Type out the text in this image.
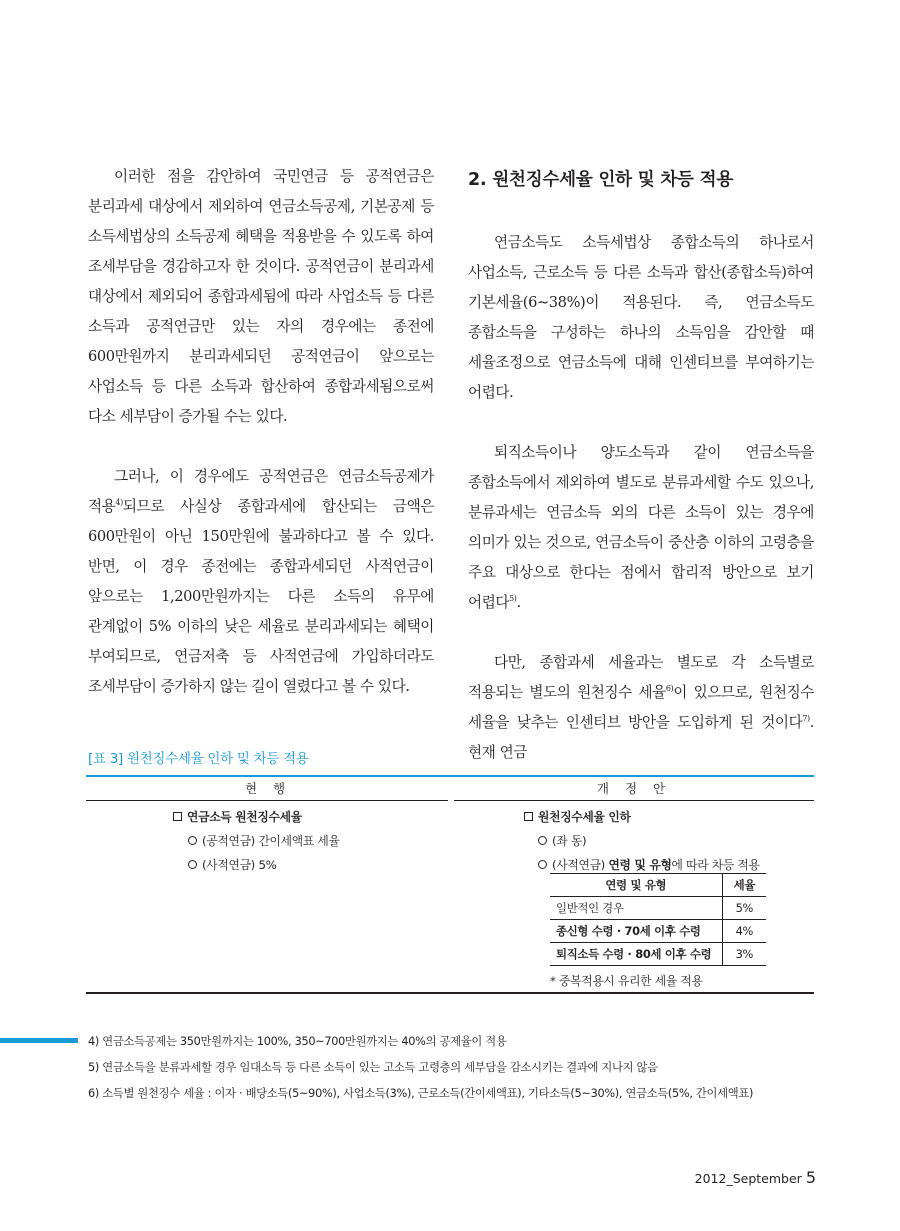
이러한 점을 감안하여 국민연금 등 공적연금은 분리과세 대상에서 제외하여 연금소득공제, 기본공제 등 소득세법상의 소득공제 혜택을 적용받을 수 있도록 하여 조세부담을 경감하고자 한 것이다. 공적연금이 분리과세 대상에서 제외되어 종합과세됨에 따라 사업소득 등 다른 소득과 공적연금만 있는 자의 경우에는 종전에 600만원까지 분리과세되던 공적연금이 앞으로는 사업소득 등 다른 소득과 합산하여 종합과세됨으로써 다소 세부담이 증가될 수는 있다.

그러나, 이 경우에도 공적연금은 연금소득공제가 적용$^{4)}$되므로 사실상 종합과세에 합산되는 금액은 600만원이 아닌 150만원에 불과하다고 볼 수 있다. 반면, 이 경우 종전에는 종합과세되던 사적연금이 앞으로는 1,200만원까지는 다른 소득의 유무에 관계없이 5% 이하의 낮은 세율로 분리과세되는 혜택이 부여되므로, 연금저축 등 사적연금에 가입하더라도 조세부담이 증가하지 않는 길이 열렸다고 볼 수 있다.

2. 원천징수세율 인하 및 차등 적용

연금소득도 소득세법상 종합소득의 하나로서 사업소득, 근로소득 등 다른 소득과 합산(종합소득)하여 기본세율(6~38%)이 적용된다. 즉, 연금소득도 종합소득을 구성하는 하나의 소득임을 감안할 때 세율조정으로 연금소득에 대해 인센티브를 부여하기는 어렵다.

퇴직소득이나 양도소득과 같이 연금소득을 종합소득에서 제외하여 별도로 분류과세할 수도 있으나, 분류과세는 연금소득 외의 다른 소득이 있는 경우에 의미가 있는 것으로, 연금소득이 중산층 이하의 고령층을 주요 대상으로 한다는 점에서 합리적 방안으로 보기 어렵다$^{5)}$.

다만, 종합과세 세율과는 별도로 각 소득별로 적용되는 별도의 원천징수 세율$^{6)}$이 있으므로, 원천징수 세율을 낮추는 인센티브 방안을 도입하게 된 것이다$^{7)}$. 현재 연금

[표 3] 원천징수세율 인하 및 차등 적용
현 행	개 정 안
연금소득 원천징수세율
(공적연금) 간이세액표 세율
(사적연금) 5%
원천징수세율 인하
(좌 동)
(사적연금) 연령 및 유형에 따라 차등 적용
연령 및 유형	세율
일반적인 경우	5%
종신형 수령 · 70세 이후 수령	4%
퇴직소득 수령 · 80세 이후 수령	3%
* 중복적용시 유리한 세율 적용
4) 연금소득공제는 350만원까지는 100%, 350~700만원까지는 40%의 공제율이 적용
5) 연금소득을 분류과세할 경우 임대소득 등 다른 소득이 있는 고소득 고령층의 세부담을 감소시키는 결과에 지나지 않음
6) 소득별 원천징수 세율 : 이자 · 배당소득(5~90%), 사업소득(3%), 근로소득(간이세액표), 기타소득(5~30%), 연금소득(5%, 간이세액표)
2012_September 5
